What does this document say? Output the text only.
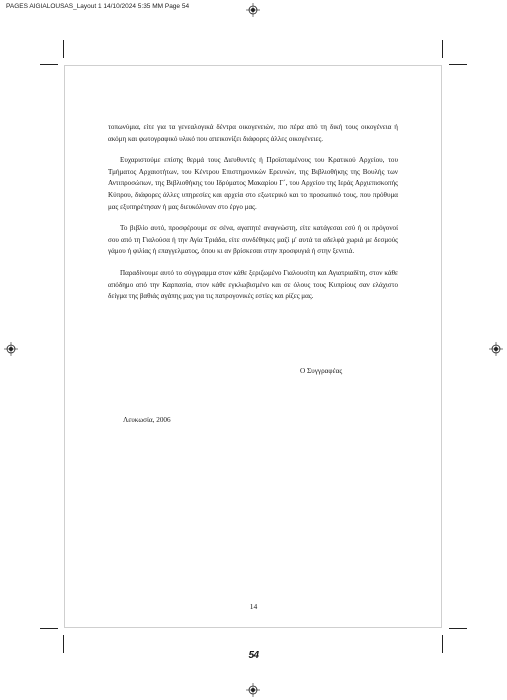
PAGES AIGIALOUSAS_Layout 1 14/10/2024 5:35 MM Page 54

τοπωνύμια, είτε για τα γενεαλογικά δέντρα οικογενειών, πιο πέρα από τη δική τους οικογένεια ή ακόμη και φωτογραφικό υλικό που απεικονίζει διάφορες άλλες οικογένειες.

Ευχαριστούμε επίσης θερμά τους Διευθυντές ή Προϊσταμένους του Κρατικού Αρχείου, του Τμήματος Αρχαιοτήτων, του Κέντρου Επιστημονικών Ερευνών, της Βιβλιοθήκης της Βουλής των Αντιπροσώπων, της Βιβλιοθήκης του Ιδρύματος Μακαρίου Γ΄, του Αρχείου της Ιεράς Αρχιεπισκοπής Κύπρου, διάφορες άλλες υπηρεσίες και αρχεία στο εξωτερικό και το προσωπικό τους, που πρόθυμα μας εξυπηρέτησαν ή μας διευκόλυναν στο έργο μας.

Το βιβλίο αυτό, προσφέρουμε σε σένα, αγαπητέ αναγνώστη, είτε κατάγεσαι εσύ ή οι πρόγονοί σου από τη Γιαλούσα ή την Αγία Τριάδα, είτε συνδέθηκες μαζί μ' αυτά τα αδελφά χωριά με δεσμούς γάμου ή φιλίας ή επαγγελματος, όπου κι αν βρίσκεσαι στην προσφυγιά ή στην ξενιτιά.

Παραδίνουμε αυτό το σύγγραμμα στον κάθε ξεριζωμένο Γιαλουσίτη και Αγιατριαδίτη, στον κάθε απόδημο από την Καρπασία, στον κάθε εγκλωβισμένο και σε όλους τους Κυπρίους σαν ελάχιστο δείγμα της βαθιάς αγάπης μας για τις πατρογονικές εστίες και ρίζες μας.

Ο Συγγραφέας
Λευκωσία, 2006
14
54
